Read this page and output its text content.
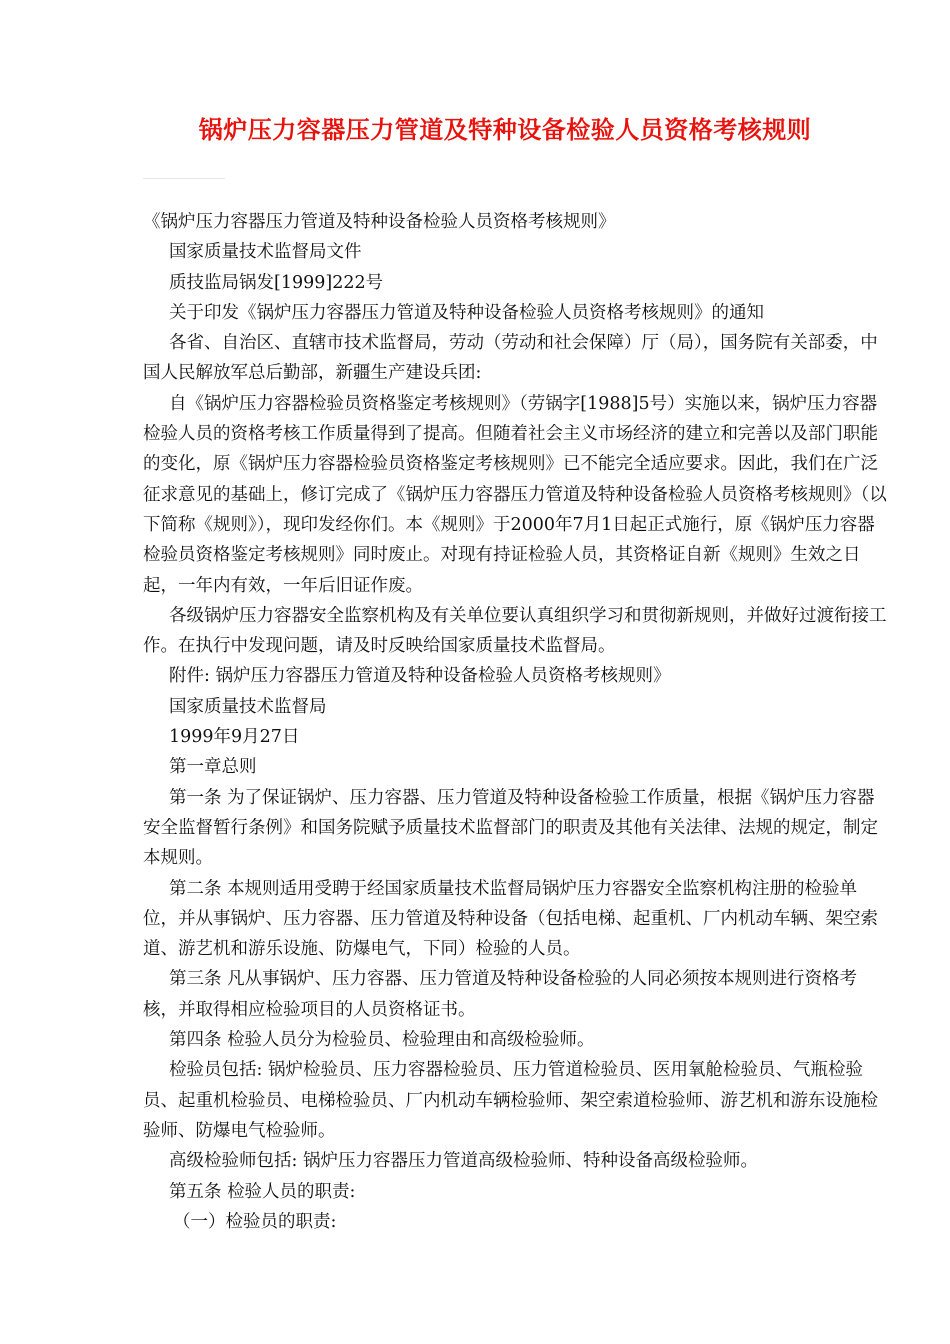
锅炉压力容器压力管道及特种设备检验人员资格考核规则

《锅炉压力容器压力管道及特种设备检验人员资格考核规则》

国家质量技术监督局文件

质技监局锅发[1999]222号

关于印发《锅炉压力容器压力管道及特种设备检验人员资格考核规则》的通知

各省、自治区、直辖市技术监督局，劳动（劳动和社会保障）厅（局），国务院有关部委，中国人民解放军总后勤部，新疆生产建设兵团:

自《锅炉压力容器检验员资格鉴定考核规则》（劳锅字[1988]5号）实施以来，锅炉压力容器检验人员的资格考核工作质量得到了提高。但随着社会主义市场经济的建立和完善以及部门职能的变化，原《锅炉压力容器检验员资格鉴定考核规则》已不能完全适应要求。因此，我们在广泛征求意见的基础上，修订完成了《锅炉压力容器压力管道及特种设备检验人员资格考核规则》（以下简称《规则》），现印发经你们。本《规则》于2000年7月1日起正式施行，原《锅炉压力容器检验员资格鉴定考核规则》同时废止。对现有持证检验人员，其资格证自新《规则》生效之日起，一年内有效，一年后旧证作废。

各级锅炉压力容器安全监察机构及有关单位要认真组织学习和贯彻新规则，并做好过渡衔接工作。在执行中发现问题，请及时反映给国家质量技术监督局。

附件: 锅炉压力容器压力管道及特种设备检验人员资格考核规则》

国家质量技术监督局

1999年9月27日

第一章总则

第一条 为了保证锅炉、压力容器、压力管道及特种设备检验工作质量，根据《锅炉压力容器安全监督暂行条例》和国务院赋予质量技术监督部门的职责及其他有关法律、法规的规定，制定本规则。

第二条 本规则适用受聘于经国家质量技术监督局锅炉压力容器安全监察机构注册的检验单位，并从事锅炉、压力容器、压力管道及特种设备（包括电梯、起重机、厂内机动车辆、架空索道、游艺机和游乐设施、防爆电气，下同）检验的人员。

第三条 凡从事锅炉、压力容器、压力管道及特种设备检验的人同必须按本规则进行资格考核，并取得相应检验项目的人员资格证书。

第四条 检验人员分为检验员、检验理由和高级检验师。

检验员包括: 锅炉检验员、压力容器检验员、压力管道检验员、医用氧舱检验员、气瓶检验员、起重机检验员、电梯检验员、厂内机动车辆检验师、架空索道检验师、游艺机和游东设施检验师、防爆电气检验师。

高级检验师包括: 锅炉压力容器压力管道高级检验师、特种设备高级检验师。

第五条 检验人员的职责:

（一）检验员的职责:
